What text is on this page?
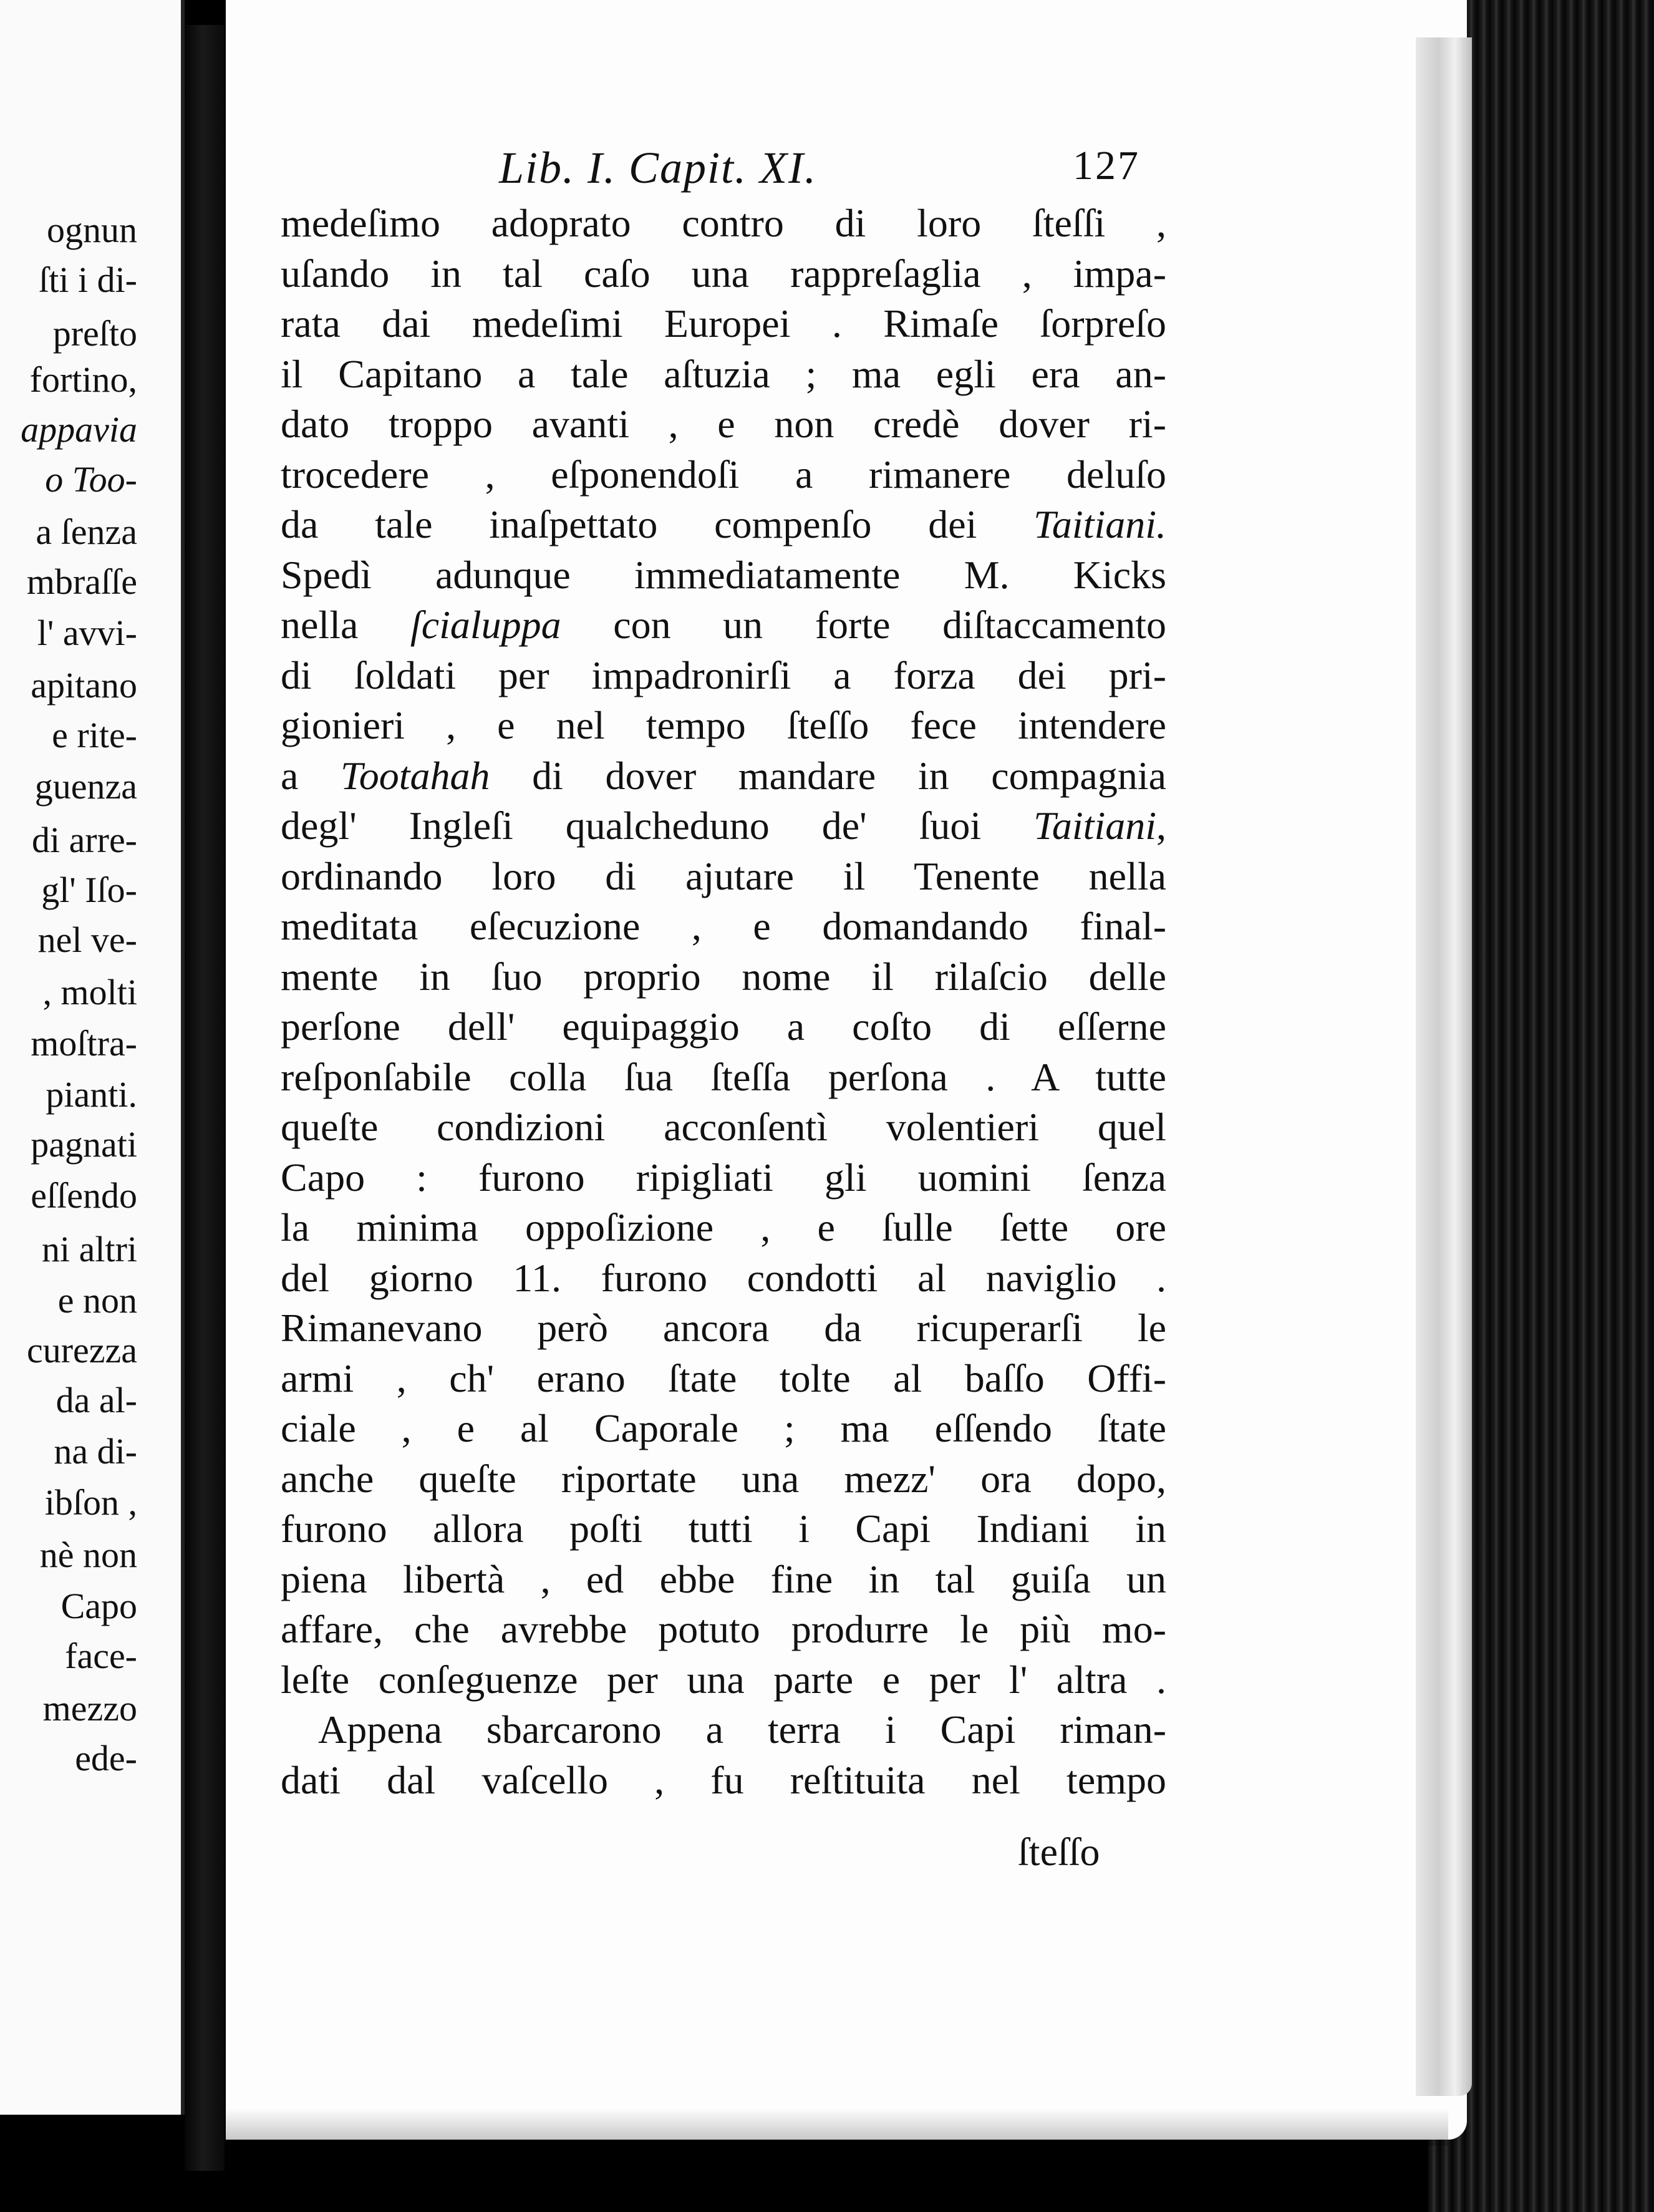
ognun
ſti i di-
preſto
fortino,
appavia
o Too-
a ſenza
mbraſſe
l' avvi-
apitano
e rite-
guenza
di arre-
gl' Iſo-
nel ve-
, molti
moſtra-
pianti.
pagnati
eſſendo
ni altri
e non
curezza
da al-
na di-
ibſon ,
nè non
Capo
face-
mezzo
ede-
Lib. I. Capit. XI.	127
medeſimo adoprato contro di loro ſteſſi ,
uſando in tal caſo una rappreſaglia , impa-
rata dai medeſimi Europei . Rimaſe ſorpreſo
il Capitano a tale aſtuzia ; ma egli era an-
dato troppo avanti , e non credè dover ri-
trocedere , eſponendoſi a rimanere deluſo
da tale inaſpettato compenſo dei Taitiani.
Spedì adunque immediatamente M. Kicks
nella ſcialuppa con un forte diſtaccamento
di ſoldati per impadronirſi a forza dei pri-
gionieri , e nel tempo ſteſſo fece intendere
a Tootahah di dover mandare in compagnia
degl' Ingleſi qualcheduno de' ſuoi Taitiani,
ordinando loro di ajutare il Tenente nella
meditata eſecuzione , e domandando final-
mente in ſuo proprio nome il rilaſcio delle
perſone dell' equipaggio a coſto di eſſerne
reſponſabile colla ſua ſteſſa perſona . A tutte
queſte condizioni acconſentì volentieri quel
Capo : furono ripigliati gli uomini ſenza
la minima oppoſizione , e ſulle ſette ore
del giorno 11. furono condotti al naviglio .
Rimanevano però ancora da ricuperarſi le
armi , ch' erano ſtate tolte al baſſo Offi-
ciale , e al Caporale ; ma eſſendo ſtate
anche queſte riportate una mezz' ora dopo,
furono allora poſti tutti i Capi Indiani in
piena libertà , ed ebbe fine in tal guiſa un
affare, che avrebbe potuto produrre le più mo-
leſte conſeguenze per una parte e per l' altra .
Appena sbarcarono a terra i Capi riman-
dati dal vaſcello , fu reſtituita nel tempo
ſteſſo
